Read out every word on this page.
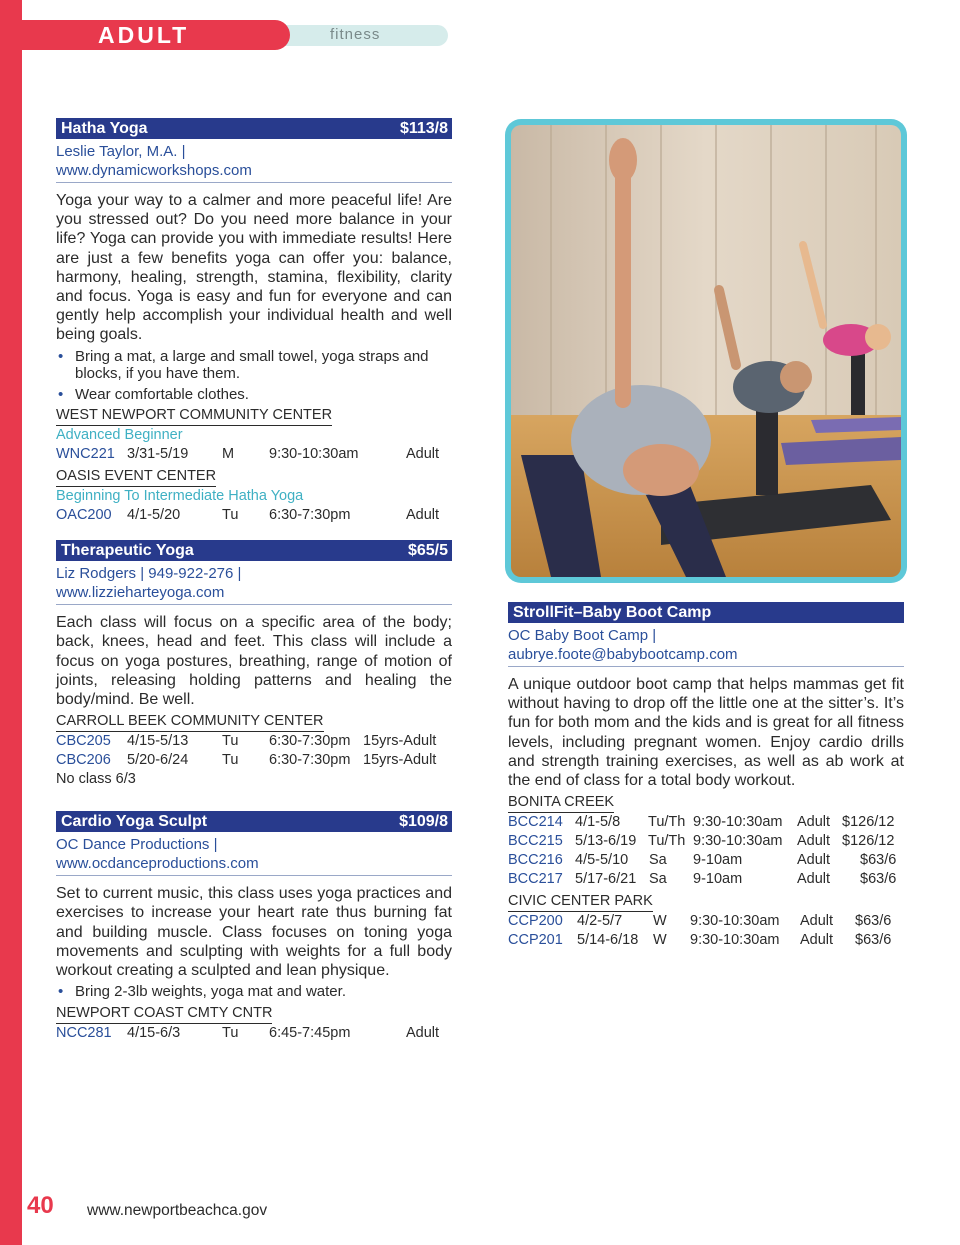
fitness
ADULT
Hatha Yoga	$113/8
Leslie Taylor, M.A. |
www.dynamicworkshops.com

Yoga your way to a calmer and more peaceful life! Are you stressed out? Do you need more balance in your life? Yoga can provide you with immediate results! Here are just a few benefits yoga can offer you: balance, harmony, healing, strength, stamina, flexibility, clarity and focus. Yoga is easy and fun for everyone and can gently help accomplish your individual health and well being goals.

• Bring a mat, a large and small towel, yoga straps and blocks, if you have them.
• Wear comfortable clothes.
WEST NEWPORT COMMUNITY CENTER
Advanced Beginner
WNC221 3/31-5/19 M 9:30-10:30am	Adult
OASIS EVENT CENTER
Beginning To Intermediate Hatha Yoga
OAC200 4/1-5/20	Tu 6:30-7:30pm	Adult
Therapeutic Yoga	$65/5
Liz Rodgers | 949-922-276 |
www.lizzieharteyoga.com

Each class will focus on a specific area of the body; back, knees, head and feet. This class will include a focus on yoga postures, breathing, range of motion of joints, releasing holding patterns and healing the body/mind. Be well.

CARROLL BEEK COMMUNITY CENTER
CBC205 4/15-5/13 Tu 6:30-7:30pm 15yrs-Adult
CBC206 5/20-6/24 Tu 6:30-7:30pm 15yrs-Adult
No class 6/3
Cardio Yoga Sculpt	$109/8
OC Dance Productions |
www.ocdanceproductions.com

Set to current music, this class uses yoga practices and exercises to increase your heart rate thus burning fat and building muscle. Class focuses on toning yoga movements and sculpting with weights for a full body workout creating a sculpted and lean physique.

• Bring 2-3lb weights, yoga mat and water.
NEWPORT COAST CMTY CNTR
NCC281 4/15-6/3	Tu 6:45-7:45pm	Adult
StrollFit–Baby Boot Camp
OC Baby Boot Camp |
aubrye.foote@babybootcamp.com

A unique outdoor boot camp that helps mammas get fit without having to drop off the little one at the sitter’s. It’s fun for both mom and the kids and is great for all fitness levels, including pregnant women. Enjoy cardio drills and strength training exercises, as well as ab work at the end of class for a total body workout.

BONITA CREEK
BCC214 4/1-5/8 Tu/Th 9:30-10:30am Adult $126/12
BCC215 5/13-6/19 Tu/Th 9:30-10:30am Adult $126/12
BCC216 4/5-5/10 Sa 9-10am	Adult $63/6
BCC217 5/17-6/21 Sa 9-10am	Adult $63/6
CIVIC CENTER PARK
CCP200 4/2-5/7 W 9:30-10:30am Adult $63/6
CCP201 5/14-6/18 W 9:30-10:30am Adult $63/6
40 www.newportbeachca.gov
